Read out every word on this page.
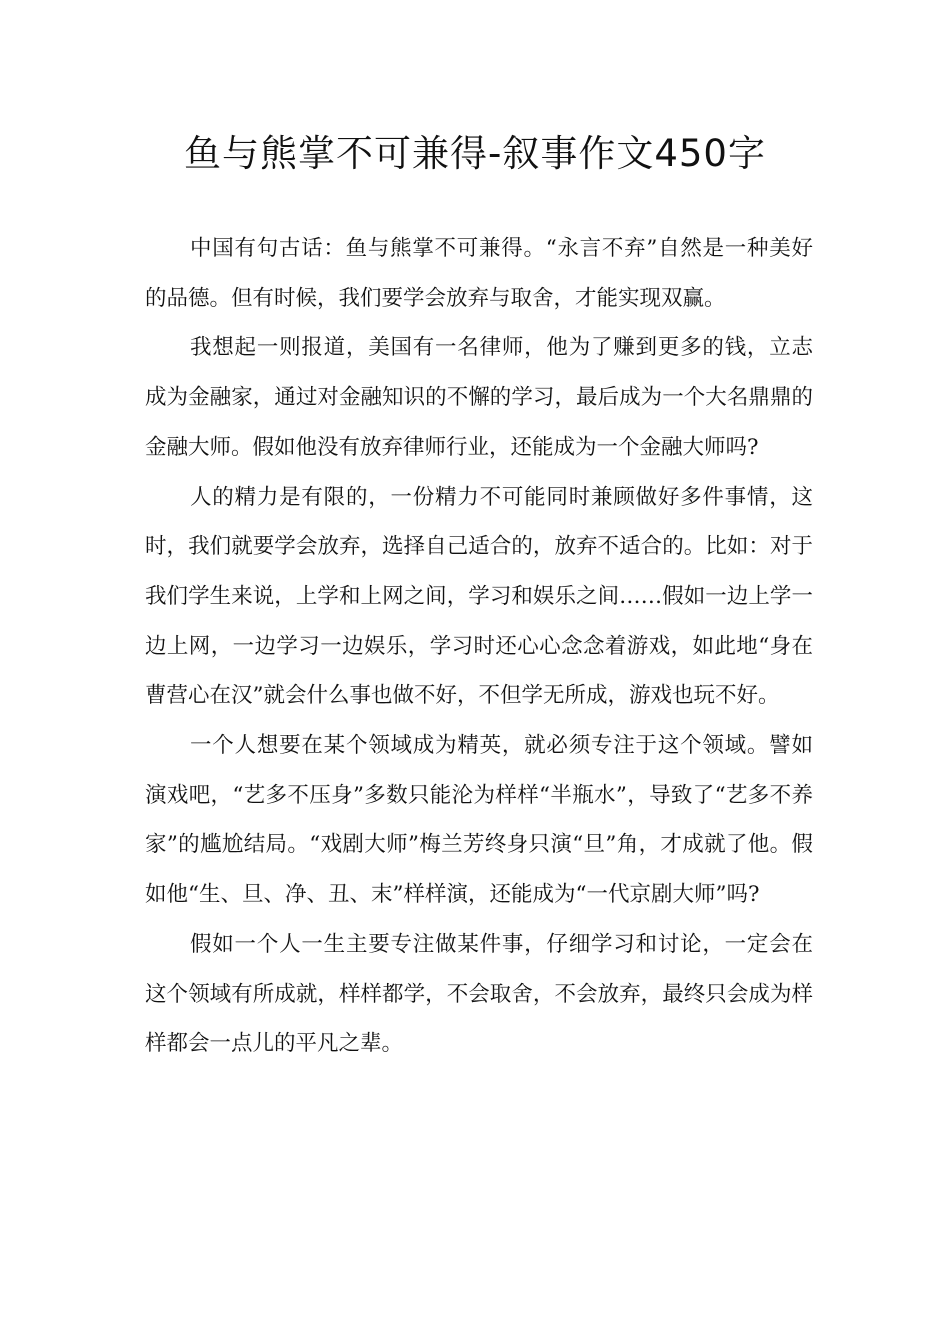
鱼与熊掌不可兼得-叙事作文450字

中国有句古话：鱼与熊掌不可兼得。“永言不弃”自然是一种美好的品德。但有时候，我们要学会放弃与取舍，才能实现双赢。

我想起一则报道，美国有一名律师，他为了赚到更多的钱，立志成为金融家，通过对金融知识的不懈的学习，最后成为一个大名鼎鼎的金融大师。假如他没有放弃律师行业，还能成为一个金融大师吗?

人的精力是有限的，一份精力不可能同时兼顾做好多件事情，这时，我们就要学会放弃，选择自己适合的，放弃不适合的。比如：对于我们学生来说，上学和上网之间，学习和娱乐之间……假如一边上学一边上网，一边学习一边娱乐，学习时还心心念念着游戏，如此地“身在曹营心在汉”就会什么事也做不好，不但学无所成，游戏也玩不好。

一个人想要在某个领域成为精英，就必须专注于这个领域。譬如演戏吧，“艺多不压身”多数只能沦为样样“半瓶水”，导致了“艺多不养家”的尴尬结局。“戏剧大师”梅兰芳终身只演“旦”角，才成就了他。假如他“生、旦、净、丑、末”样样演，还能成为“一代京剧大师”吗?

假如一个人一生主要专注做某件事，仔细学习和讨论，一定会在这个领域有所成就，样样都学，不会取舍，不会放弃，最终只会成为样样都会一点儿的平凡之辈。
